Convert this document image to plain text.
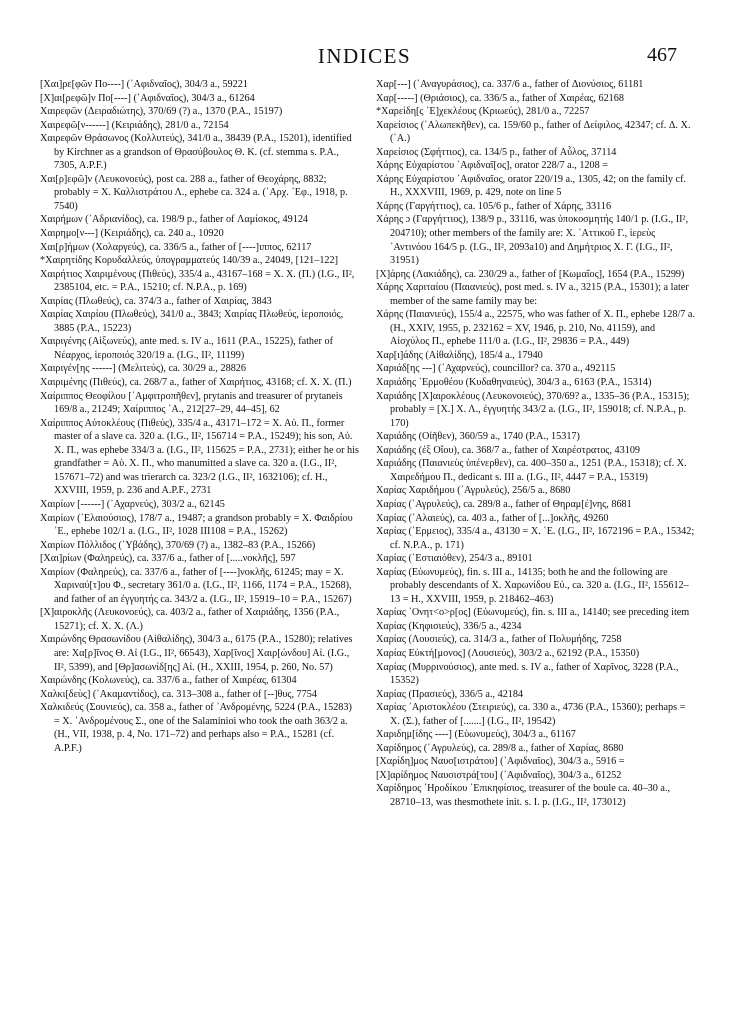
INDICES	467

[Χαι]ρε[φῶν Πο----] (᾿Αφιδναῖος), 304/3 a., 59221

[Χ]αι[ρεφῶ]ν Πο[----] (᾿Αφιδναῖος), 304/3 a., 61264

Χαιρεφῶν (Δειραδιώτης), 370/69 (?) a., 1370 (P.A., 15197)

Χαιρεφῶ[ν------] (Κειριάδης), 281/0 a., 72154

Χαιρεφῶν Θράσωνος (Κολλυτεύς), 341/0 a., 38439 (P.A., 15201), identified by Kirchner as a grandson of Θρασύβουλος Θ. Κ. (cf. stemma s. P.A., 7305, A.P.F.)

Χαι[ρ]εφῶ]ν (Λευκονοεύς), post ca. 288 a., father of Θεοχάρης, 8832; probably = Χ. Καλλιστράτου Λ., ephebe ca. 324 a. (᾿Αρχ. ᾿Εφ., 1918, p. 7540)

Χαιρήμων (᾿Αδριανίδος), ca. 198/9 p., father of Λαμίσκος, 49124

Χαιρημο[ν---] (Κειριάδης), ca. 240 a., 10920

Χαι[ρ]ήμων (Χολαργεύς), ca. 336/5 a., father of [----]ιππος, 62117

*Χαιρητίδης Κορυδαλλεύς, ὑπογραμματεύς 140/39 a., 24049, [121–122]

Χαιρήτιος Χαιριμένους (Πιθεύς), 335/4 a., 43167–168 = Χ. Χ. (Π.) (I.G., II², 2385104, etc. = P.A., 15210; cf. N.P.A., p. 169)

Χαιρίας (Πλωθεύς), ca. 374/3 a., father of Χαιρίας, 3843

Χαιρίας Χαιρίου (Πλωθεύς), 341/0 a., 3843; Χαιρίας Πλωθεύς, ἱεροποιός, 3885 (P.A., 15223)

Χαιριγένης (Αἰξωνεύς), ante med. s. IV a., 1611 (P.A., 15225), father of Νέαρχος, ἱεροποιός 320/19 a. (I.G., II², 11199)

Χαιριγέν[ης ------] (Μελιτεύς), ca. 30/29 a., 28826

Χαιριμένης (Πιθεύς), ca. 268/7 a., father of Χαιρήτιος, 43168; cf. Χ. Χ. (Π.)

Χαίριππος Θεοφίλου [᾿Αμφιτροπῆθεν], prytanis and treasurer of prytaneis 169/8 a., 21249; Χαίριππος ᾿Α., 212[27–29, 44–45], 62

Χαίριππος Αὐτοκλέους (Πιθεύς), 335/4 a., 43171–172 = Χ. Αὐ. Π., former master of a slave ca. 320 a. (I.G., II², 156714 = P.A., 15249); his son, Αὐ. Χ. Π., was ephebe 334/3 a. (I.G., II², 115625 = P.A., 2731); either he or his grandfather = Αὐ. Χ. Π., who manumitted a slave ca. 320 a. (I.G., II², 157671–72) and was trierarch ca. 323/2 (I.G., II², 1632106); cf. H., XXVIII, 1959, p. 236 and A.P.F., 2731

Χαιρίων [------] (᾿Αχαρνεύς), 303/2 a., 62145

Χαιρίων (᾿Ελαιούσιος), 178/7 a., 19487; a grandson probably = Χ. Φαιδρίου ᾿Ε., ephebe 102/1 a. (I.G., II², 1028 III108 = P.A., 15262)

Χαιρίων Πόλλιδος (῾Υβάδης), 370/69 (?) a., 1382–83 (P.A., 15266)

[Χαι]ρίων (Φαληρεύς), ca. 337/6 a., father of [.....νοκλῆς], 597

Χαιρίων (Φαληρεύς), ca. 337/6 a., father of [----]νοκλῆς, 61245; may = Χ. Χαριναύ[τ]ου Φ., secretary 361/0 a. (I.G., II², 1166, 1174 = P.A., 15268), and father of an ἐγγυητής ca. 343/2 a. (I.G., II², 15919–10 = P.A., 15267)

[Χ]αιροκλῆς (Λευκονοεύς), ca. 403/2 a., father of Χαιριάδης, 1356 (P.A., 15271); cf. Χ. Χ. (Λ.)

Χαιρώνδης Θρασωνίδου (Αἰθαλίδης), 304/3 a., 6175 (P.A., 15280); relatives are: Χα[ρ]ῖνος Θ. Αἰ (I.G., II², 66543), Χαρ[ῖνος] Χαιρ[ώνδου] Αἰ. (I.G., II², 5399), and [Θρ]ασωνίδ[ης] Αἰ. (H., XXIII, 1954, p. 260, No. 57)

Χαιρώνδης (Κολωνεύς), ca. 337/6 a., father of Χαιρέας, 61304

Χαλκι[δεὺς] (᾿Ακαμαντίδος), ca. 313–308 a., father of [--]θυς, 7754

Χαλκιδεύς (Σουνιεύς), ca. 358 a., father of ᾿Ανδρομένης, 5224 (P.A., 15283) = Χ. ᾿Ανδρομένους Σ., one of the Salaminioi who took the oath 363/2 a. (H., VII, 1938, p. 4, No. 171–72) and perhaps also = P.A., 15281 (cf. A.P.F.)

Χαρ[---] (᾿Αναγυράσιος), ca. 337/6 a., father of Διονύσιος, 61181

Χαρ[-----] (Θριάσιος), ca. 336/5 a., father of Χαιρέας, 62168

*Χαρείδη[ς ᾿Ε]χεκλέους (Κριωεύς), 281/0 a., 72257

Χαρείσιος (᾿Αλωπεκῆθεν), ca. 159/60 p., father of Δείφιλος, 42347; cf. Δ. Χ. (᾿Α.)

Χαρείσιος (Σφήττιος), ca. 134/5 p., father of Αὖλος, 37114

Χάρης Εὐχαρίστου ᾿Αφιδναῖ[ος], orator 228/7 a., 1208 =

Χάρης Εὐχαρίστου ᾿Αφιδναῖος, orator 220/19 a., 1305, 42; on the family cf. H., XXXVIII, 1969, p. 429, note on line 5

Χάρης (Γαργήττιος), ca. 105/6 p., father of Χάρης, 33116

Χάρης ɔ (Γαργήττιος), 138/9 p., 33116, was ὑποκοσμητής 140/1 p. (I.G., II², 204710); other members of the family are: Χ. ᾿Αττικοῦ Γ., ἱερεὺς ᾿Αντινόου 164/5 p. (I.G., II², 2093a10) and Δημήτριος Χ. Γ. (I.G., II², 31951)

[Χ]άρης (Λακιάδης), ca. 230/29 a., father of [Κωμαΐος], 1654 (P.A., 15299)

Χάρης Χαριταίου (Παιανιεύς), post med. s. IV a., 3215 (P.A., 15301); a later member of the same family may be:

Χάρης (Παιανιεύς), 155/4 a., 22575, who was father of Χ. Π., ephebe 128/7 a. (H., XXIV, 1955, p. 232162 = XV, 1946, p. 210, No. 41159), and Αἰσχύλος Π., ephebe 111/0 a. (I.G., II², 29836 = P.A., 449)

Χαρ[ι]άδης (Αἰθαλίδης), 185/4 a., 17940

Χαριάδ[ης ---] (᾿Αχαρνεύς), councillor? ca. 370 a., 492115

Χαριάδης ῾Ερμοθέου (Κυδαθηναιεύς), 304/3 a., 6163 (P.A., 15314)

Χαριάδης [Χ]αιροκλέους (Λευκονοιεύς), 370/69? a., 1335–36 (P.A., 15315); probably = [Χ.] Χ. Λ., ἐγγυητής 343/2 a. (I.G., II², 159018; cf. N.P.A., p. 170)

Χαριάδης (Οἰῆθεν), 360/59 a., 1740 (P.A., 15317)

Χαριάδης (ἐξ Οἴου), ca. 368/7 a., father of Χαιρέστρατος, 43109

Χαριάδης (Παιανιεὺς ὑπένερθεν), ca. 400–350 a., 1251 (P.A., 15318); cf. Χ. Χαιρεδήμου Π., dedicant s. III a. (I.G., II², 4447 = P.A., 15319)

Χαρίας Χαριδήμου (᾿Αγρυλεύς), 256/5 a., 8680

Χαρίας (᾿Αγρυλεύς), ca. 289/8 a., father of Θηραμ[έ]νης, 8681

Χαρίας (᾿Αλαιεύς), ca. 403 a., father of [...]οκλῆς, 49260

Χαρίας (῾Ερμειος), 335/4 a., 43130 = Χ. ῾Ε. (I.G., II², 1672196 = P.A., 15342; cf. N.P.A., p. 171)

Χαρίας (῾Εστιαιόθεν), 254/3 a., 89101

Χαρίας (Εὐωνυμεύς), fin. s. III a., 14135; both he and the following are probably descendants of Χ. Χαρωνίδου Εὐ., ca. 320 a. (I.G., II², 155612–13 = H., XXVIII, 1959, p. 218462–463)

Χαρίας ᾿Ονητ<ο>ρ[ος] (Εὐωνυμεύς), fin. s. III a., 14140; see preceding item

Χαρίας (Κηφισιεύς), 336/5 a., 4234

Χαρίας (Λουσιεύς), ca. 314/3 a., father of Πολυμήδης, 7258

Χαρίας Εὐκτή[μονος] (Λουσιεύς), 303/2 a., 62192 (P.A., 15350)

Χαρίας (Μυρρινούσιος), ante med. s. IV a., father of Χαρῖνος, 3228 (P.A., 15352)

Χαρίας (Πρασιεύς), 336/5 a., 42184

Χαρίας ᾿Αριστοκλέου (Στειριεύς), ca. 330 a., 4736 (P.A., 15360); perhaps = Χ. (Σ.), father of [.......] (I.G., II², 19542)

Χαριδημ[ίδης ----] (Εὐωνυμεύς), 304/3 a., 61167

Χαρίδημος (᾿Αγρυλεύς), ca. 289/8 a., father of Χαρίας, 8680

[Χαρίδη]μος Ναυσ[ιστράτου] (᾿Αφιδναῖος), 304/3 a., 5916 =

[Χ]αρίδημος Ναυσιστρά[του] (᾿Αφιδναῖος), 304/3 a., 61252

Χαρίδημος ῾Ηροδίκου ᾿Επικηφίσιος, treasurer of the boule ca. 40–30 a., 28710–13, was thesmothete init. s. I. p. (I.G., II², 173012)
